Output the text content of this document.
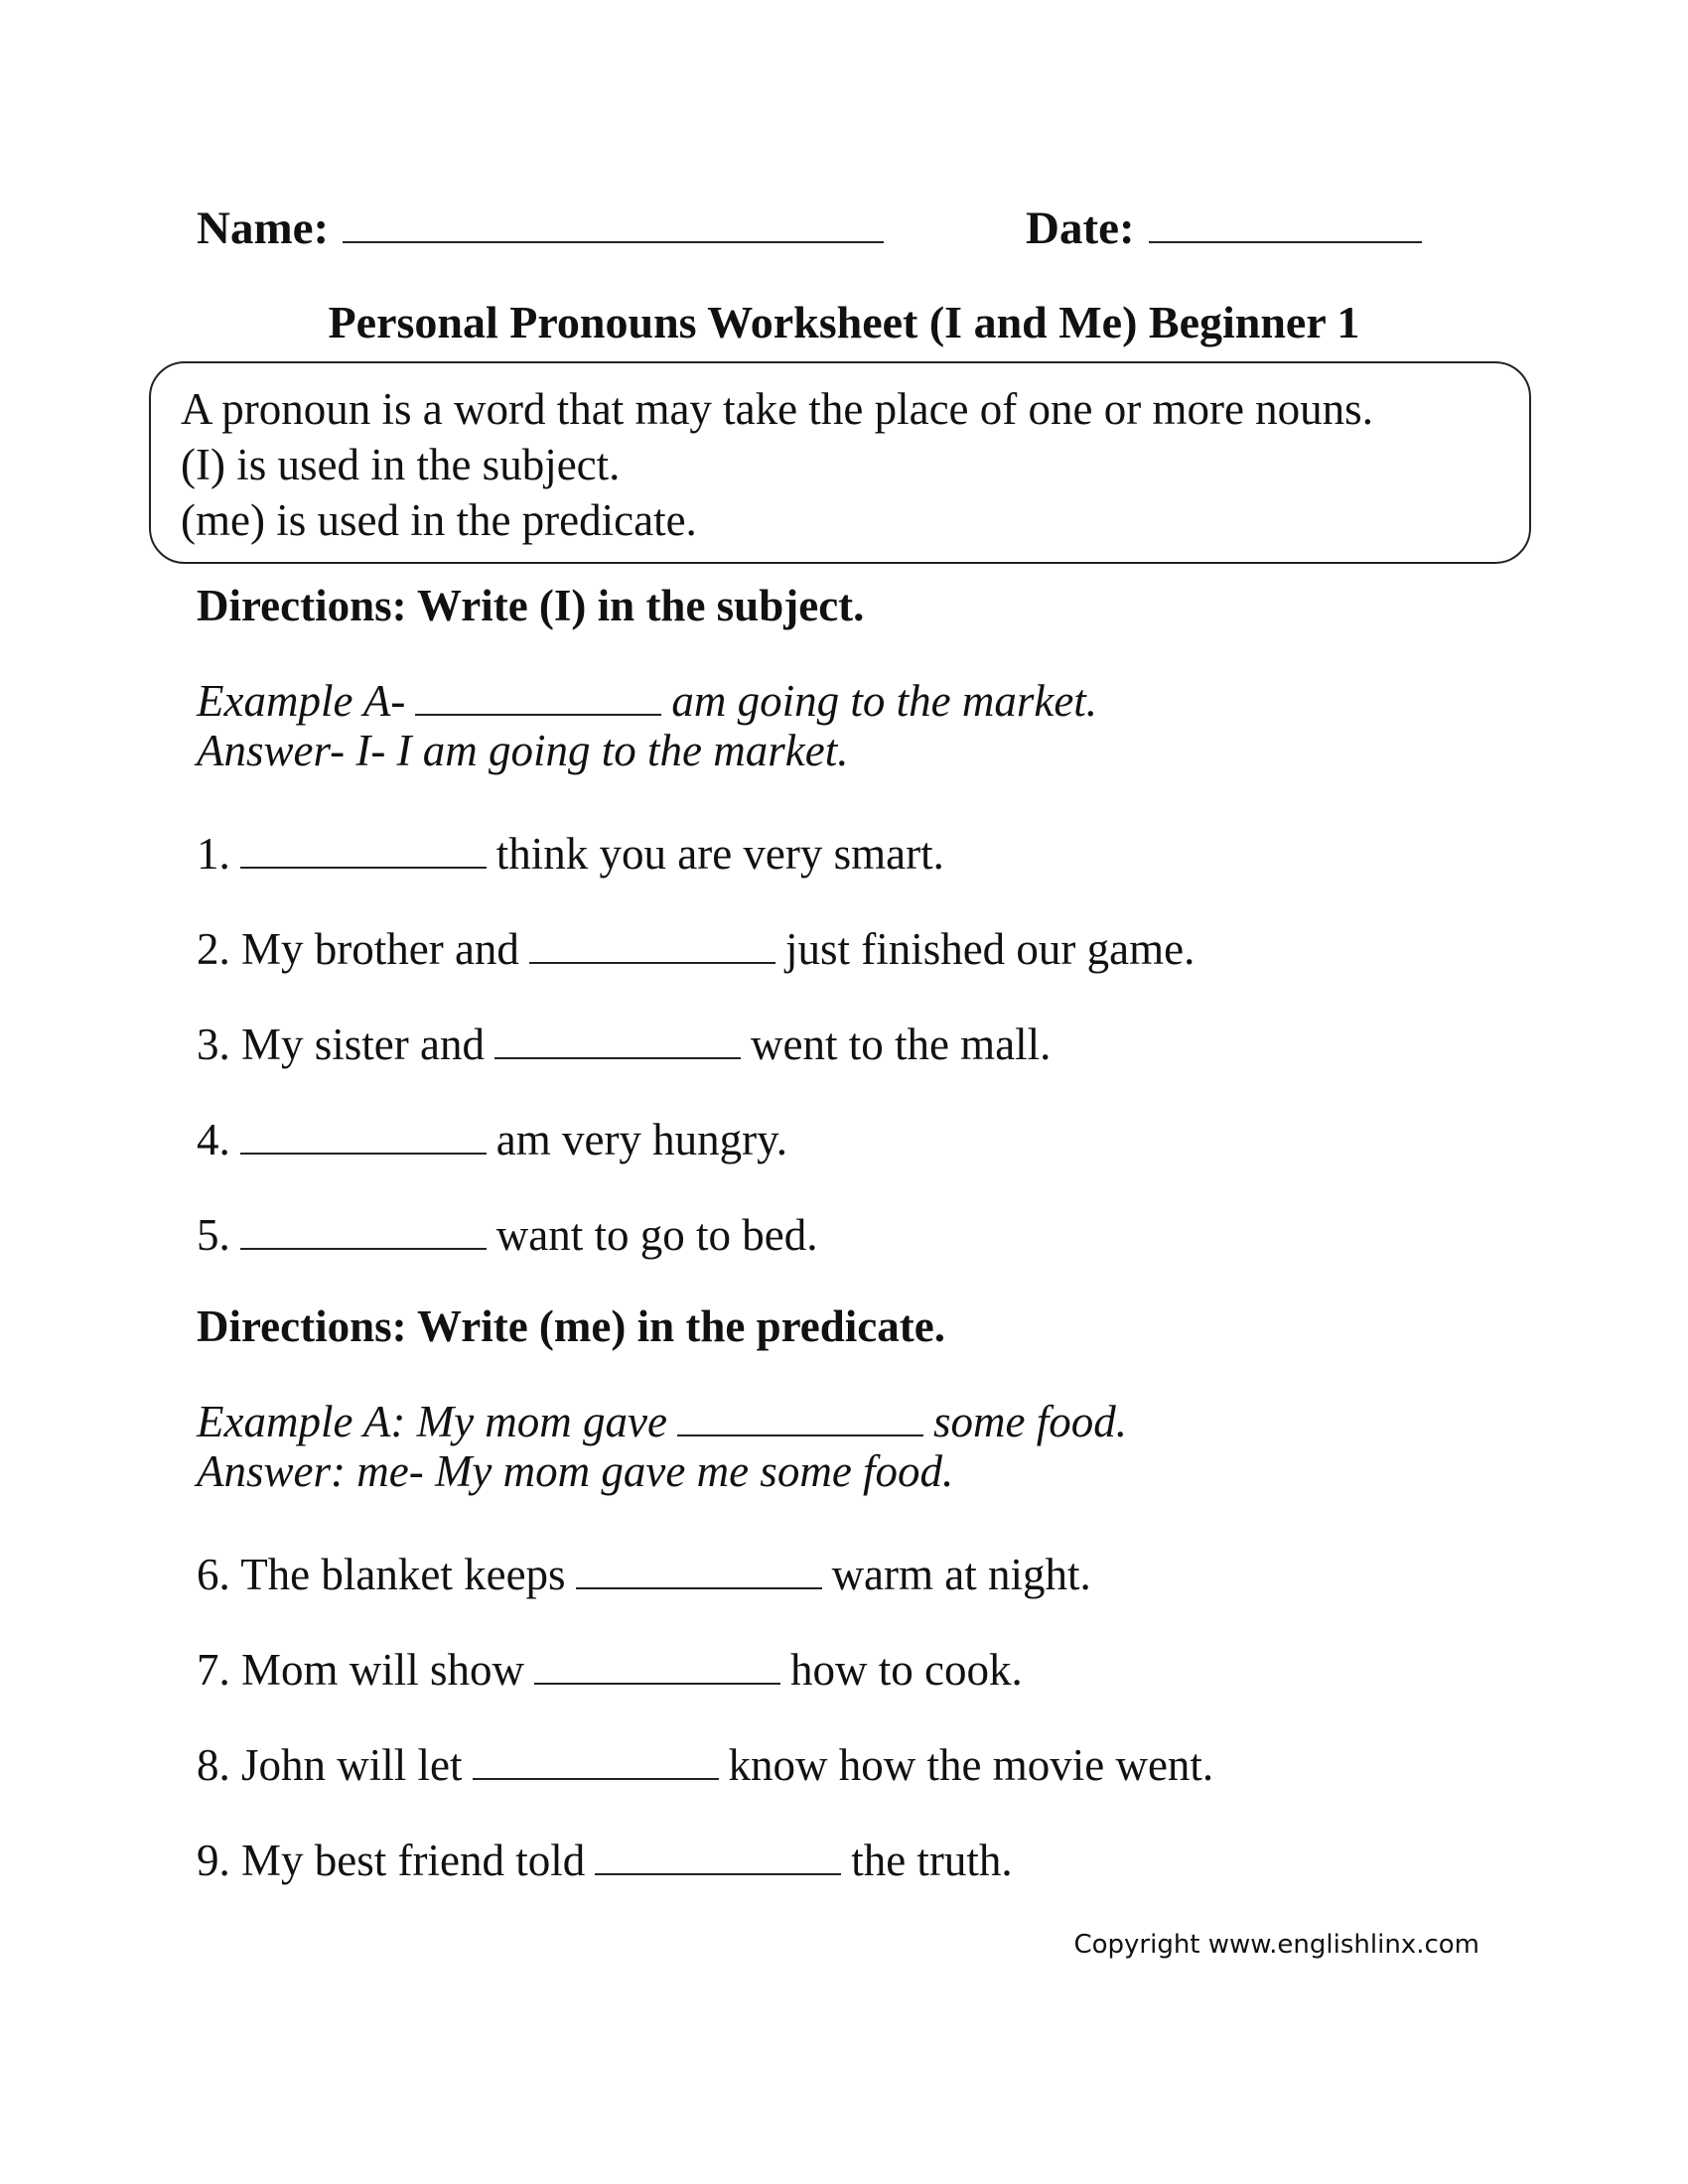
Name:	Date:
Personal Pronouns Worksheet (I and Me) Beginner 1
A pronoun is a word that may take the place of one or more nouns.
(I) is used in the subject.
(me) is used in the predicate.
Directions: Write (I) in the subject.
Example A-	am going to the market.
Answer- I- I am going to the market.
1.	think you are very smart.
2. My brother and	just finished our game.
3. My sister and	went to the mall.
4.	am very hungry.
5.	want to go to bed.
Directions: Write (me) in the predicate.
Example A: My mom gave	some food.
Answer: me- My mom gave me some food.
6. The blanket keeps	warm at night.
7. Mom will show	how to cook.
8. John will let	know how the movie went.
9. My best friend told	the truth.
Copyright www.englishlinx.com
